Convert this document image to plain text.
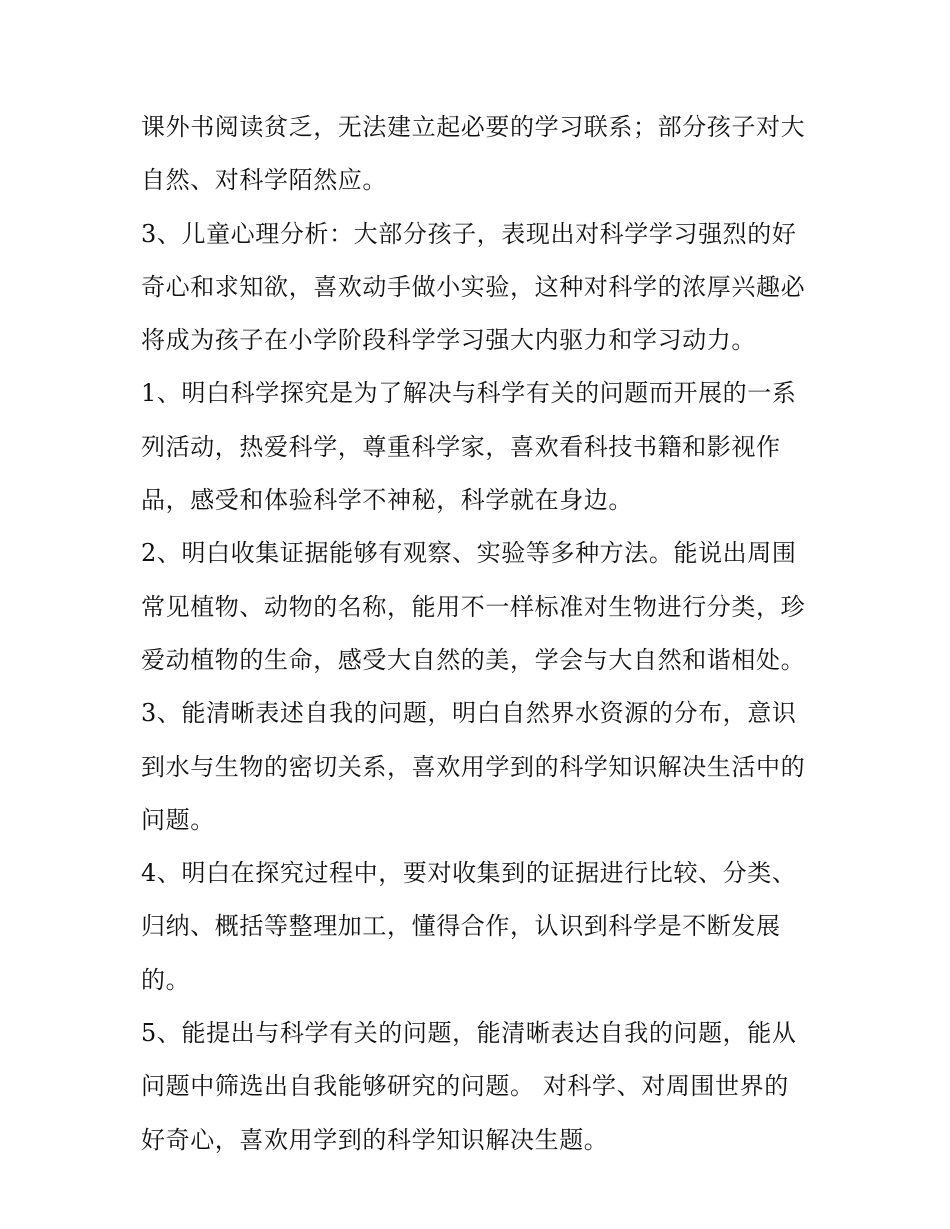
课外书阅读贫乏，无法建立起必要的学习联系；部分孩子对大
自然、对科学陌然应。
3、儿童心理分析：大部分孩子，表现出对科学学习强烈的好
奇心和求知欲，喜欢动手做小实验，这种对科学的浓厚兴趣必
将成为孩子在小学阶段科学学习强大内驱力和学习动力。
1、明白科学探究是为了解决与科学有关的问题而开展的一系
列活动，热爱科学，尊重科学家，喜欢看科技书籍和影视作
品，感受和体验科学不神秘，科学就在身边。
2、明白收集证据能够有观察、实验等多种方法。能说出周围
常见植物、动物的名称，能用不一样标准对生物进行分类，珍
爱动植物的生命，感受大自然的美，学会与大自然和谐相处。
3、能清晰表述自我的问题，明白自然界水资源的分布，意识
到水与生物的密切关系，喜欢用学到的科学知识解决生活中的
问题。
4、明白在探究过程中，要对收集到的证据进行比较、分类、
归纳、概括等整理加工，懂得合作，认识到科学是不断发展
的。
5、能提出与科学有关的问题，能清晰表达自我的问题，能从
问题中筛选出自我能够研究的问题。 对科学、对周围世界的
好奇心，喜欢用学到的科学知识解决生题。
